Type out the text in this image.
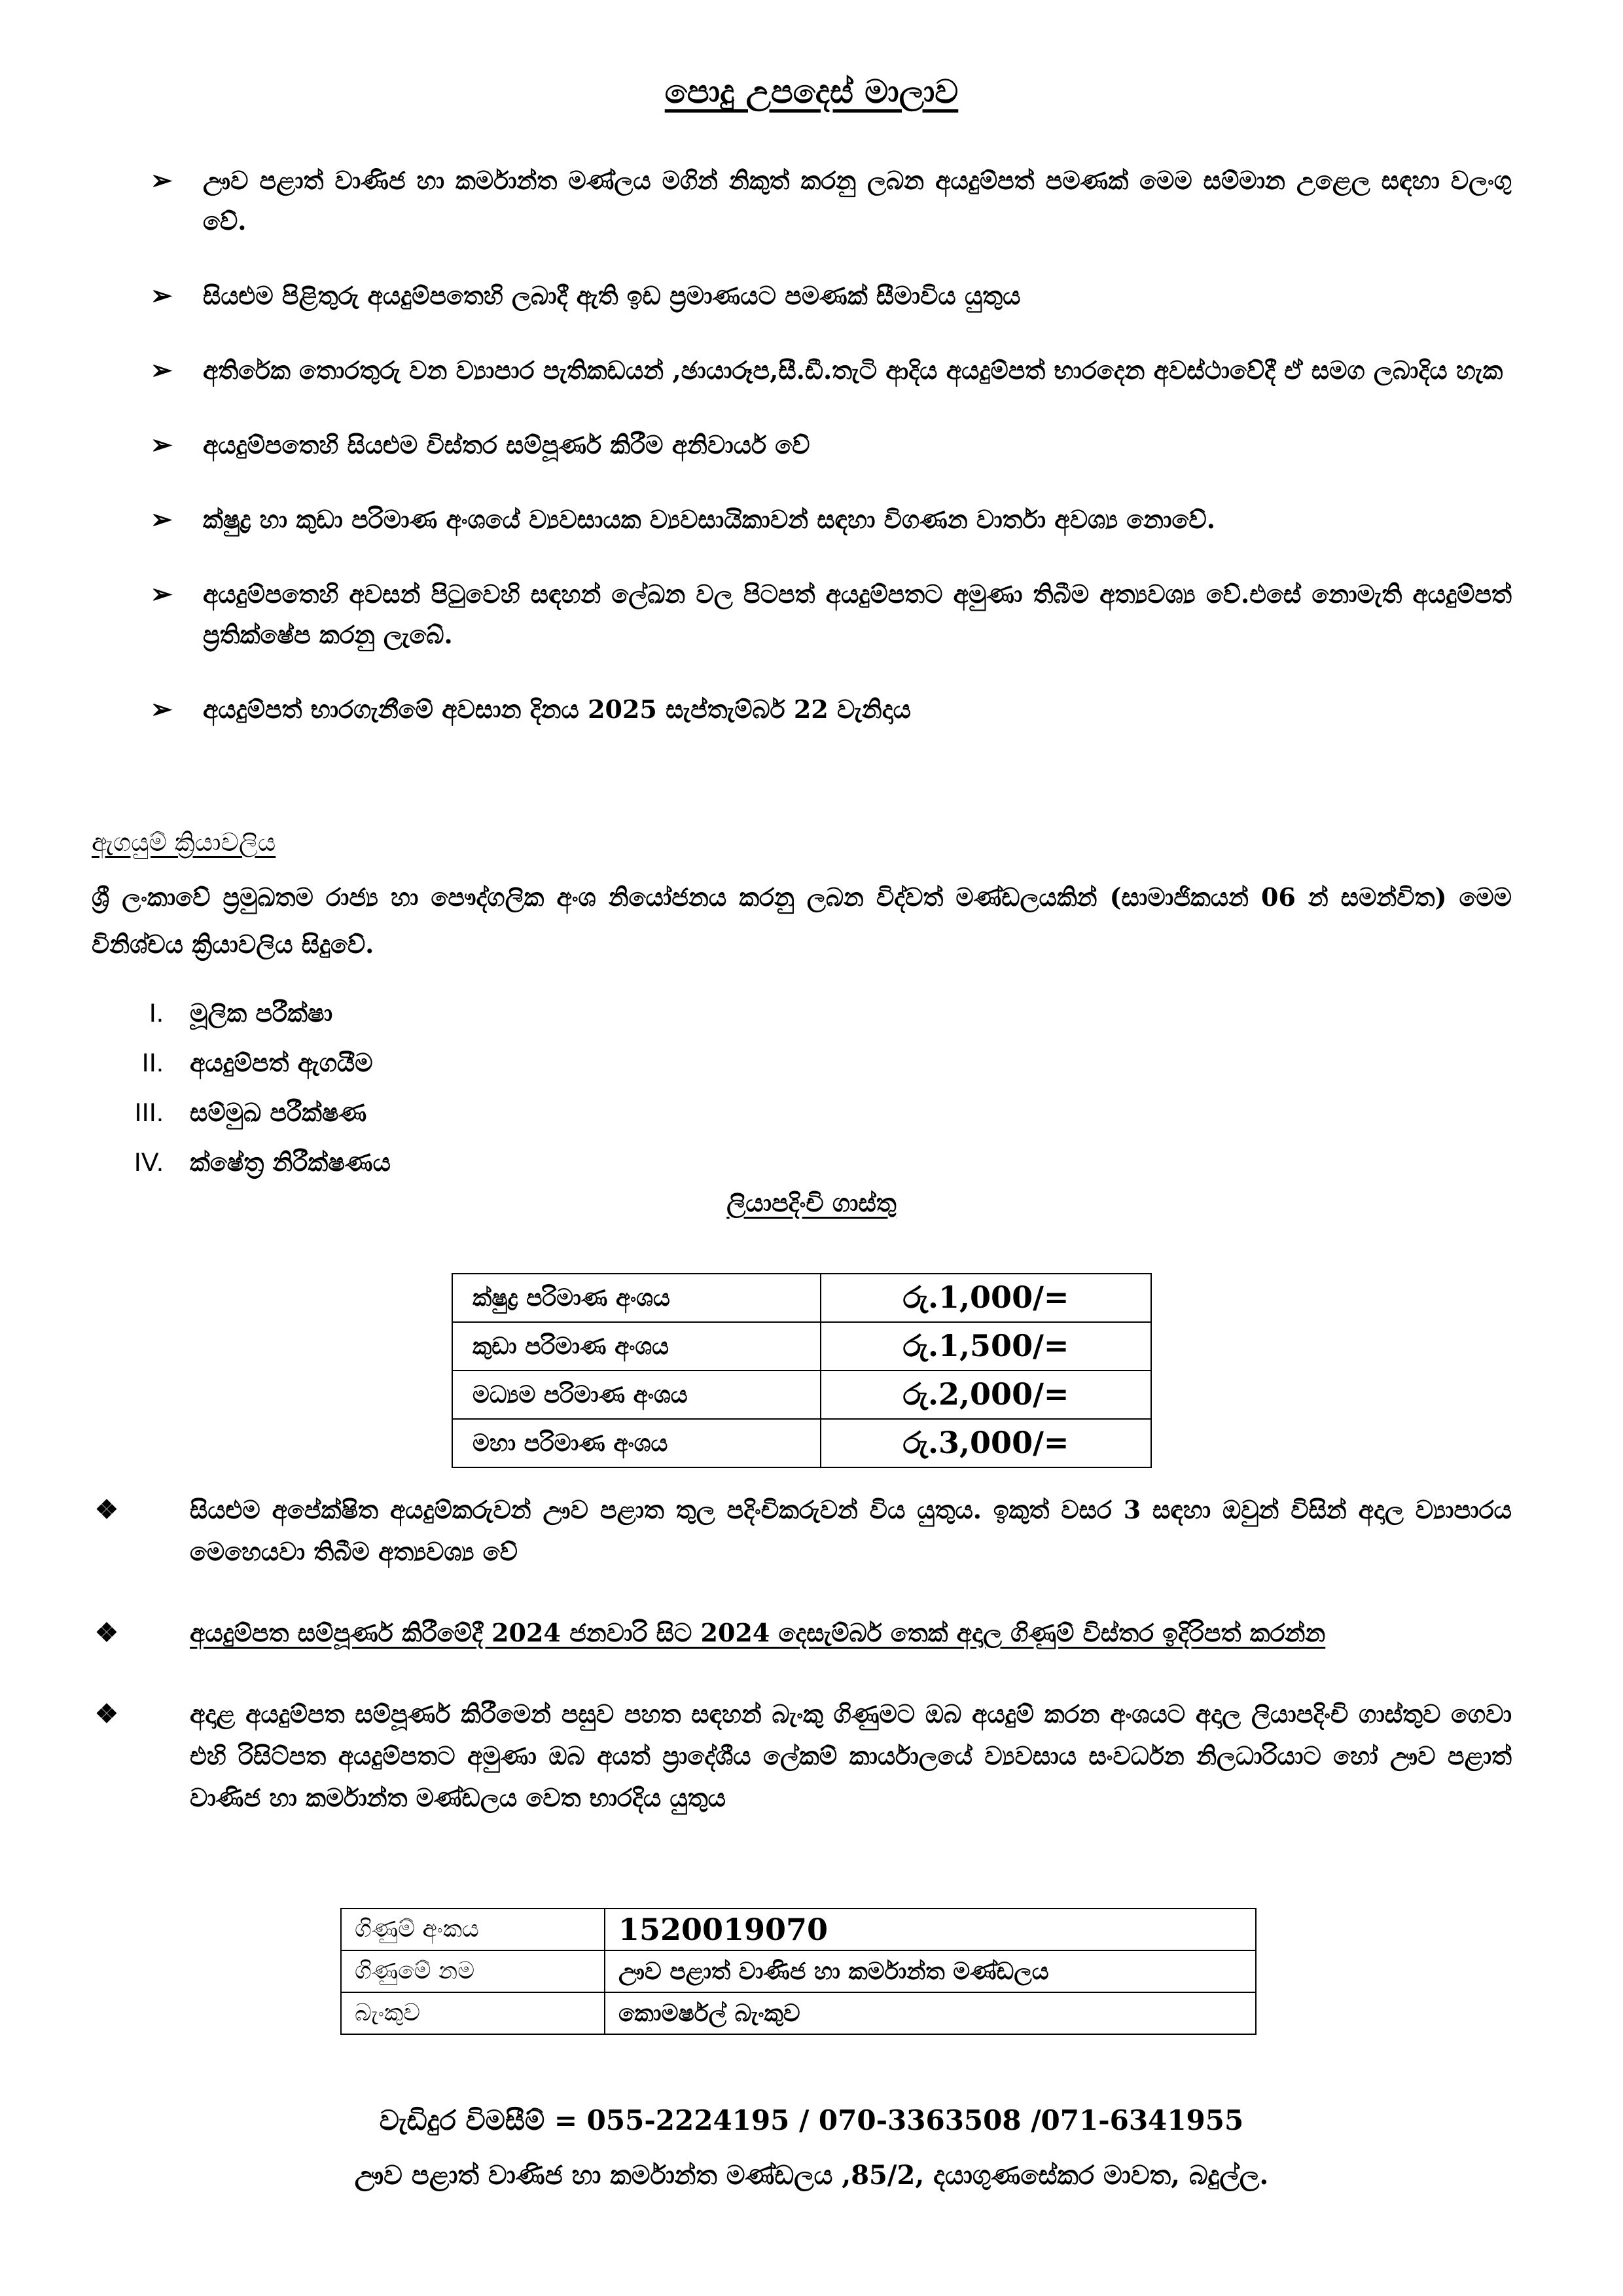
පොදු උපදෙස් මාලාව
➢ ඌව පළාත් වාණිජ හා කර්මාන්ත මණ්ලය මගින් නිකුත් කරනු ලබන අයදුම්පත් පමණක් මෙම සම්මාන උළෙල සඳහා වලංගු වේ.
➢ සියළුම පිළිතුරු අයදුම්පතෙහි ලබාදී ඇති ඉඩ ප්‍රමාණයට පමණක් සීමාවිය යුතුය
➢ අතිරේක තොරතුරු වන ව්‍යාපාර පැතිකඩයන් ,ඡායාරූප,සී.ඩී.තැටි ආදිය අයදුම්පත් භාරදෙන අවස්ථාවේදී ඒ සමග ලබාදිය හැක
➢ අයදුම්පතෙහි සියළුම විස්තර සම්පූර්ණ කිරීම අනිවාර්ය වේ
➢ ක්ෂුද්‍ර හා කුඩා පරිමාණ අංශයේ ව්‍යවසායක ව්‍යවසායිකාවන් සඳහා විගණන වාර්තා අවශ්‍ය නොවේ.
➢ අයදුම්පතෙහි අවසන් පිටුවෙහි සඳහන් ලේඛන වල පිටපත් අයදුම්පතට අමුණා තිබීම අත්‍යවශ්‍ය වේ.එසේ නොමැති අයදුම්පත් ප්‍රතික්ෂේප කරනු ලැබේ.
➢ අයදුම්පත් භාරගැනීමේ අවසාන දිනය 2025 සැප්තැම්බර් 22 වැනිදාය
ඇගයුම් ක්‍රියාවලිය
ශ්‍රී ලංකාවේ ප්‍රමුඛතම රාජ්‍ය හා පෞද්ගලික අංශ නියෝජනය කරනු ලබන විද්වත් මණ්ඩලයකින් (සාමාජිකයන් 06 න් සමන්විත) මෙම විනිශ්චය ක්‍රියාවලිය සිදුවේ.
I. මූලික පරීක්ෂා
II. අයදුම්පත් ඇගයීම
III. සම්මුඛ පරීක්ෂණ
IV. ක්ෂේත්‍ර නිරීක්ෂණය
ලියාපදිංචි ගාස්තු
ක්ෂුද්‍ර පරිමාණ අංශය	රු.1,000/=
කුඩා පරිමාණ අංශය	රු.1,500/=
මධ්‍යම පරිමාණ අංශය	රු.2,000/=
මහා පරිමාණ අංශය	රු.3,000/=
❖	සියළුම අපේක්ෂිත අයදුම්කරුවන් ඌව පළාත තුල පදිංචිකරුවන් විය යුතුය. ඉකුත් වසර 3 සඳහා ඔවුන් විසින් අදාල ව්‍යාපාරය මෙහෙයවා තිබීම අත්‍යවශ්‍ය වේ
❖	අයදුම්පත සම්පූර්ණ කිරීමේදී 2024 ජනවාරි සිට 2024 දෙසැම්බර් තෙක් අදාල ගිණුම් විස්තර ඉදිරිපත් කරන්න
❖	අදාළ අයදුම්පත සම්පූර්ණ කිරීමෙන් පසුව පහත සඳහන් බැංකු ගිණුමට ඔබ අයදුම් කරන අංශයට අදාල ලියාපදිංචි ගාස්තුව ගෙවා එහි රිසිට්පත අයදුම්පතට අමුණා ඔබ අයත් ප්‍රාදේශීය ලේකම් කාර්යාලයේ ව්‍යවසාය සංවර්ධන නිලධාරියාට හෝ ඌව පළාත් වාණිජ හා කර්මාන්ත මණ්ඩලය වෙත භාරදිය යුතුය
ගිණුම් අංකය	1520019070
ගිණුමේ නම	ඌව පළාත් වාණිජ හා කර්මාන්ත මණ්ඩලය
බැංකුව	කොමර්ෂල් බැංකුව
වැඩිදුර විමසීම් = 055-2224195 / 070-3363508 /071-6341955
ඌව පළාත් වාණිජ හා කර්මාන්ත මණ්ඩලය ,85/2, දයාගුණසේකර මාවත, බදුල්ල.
